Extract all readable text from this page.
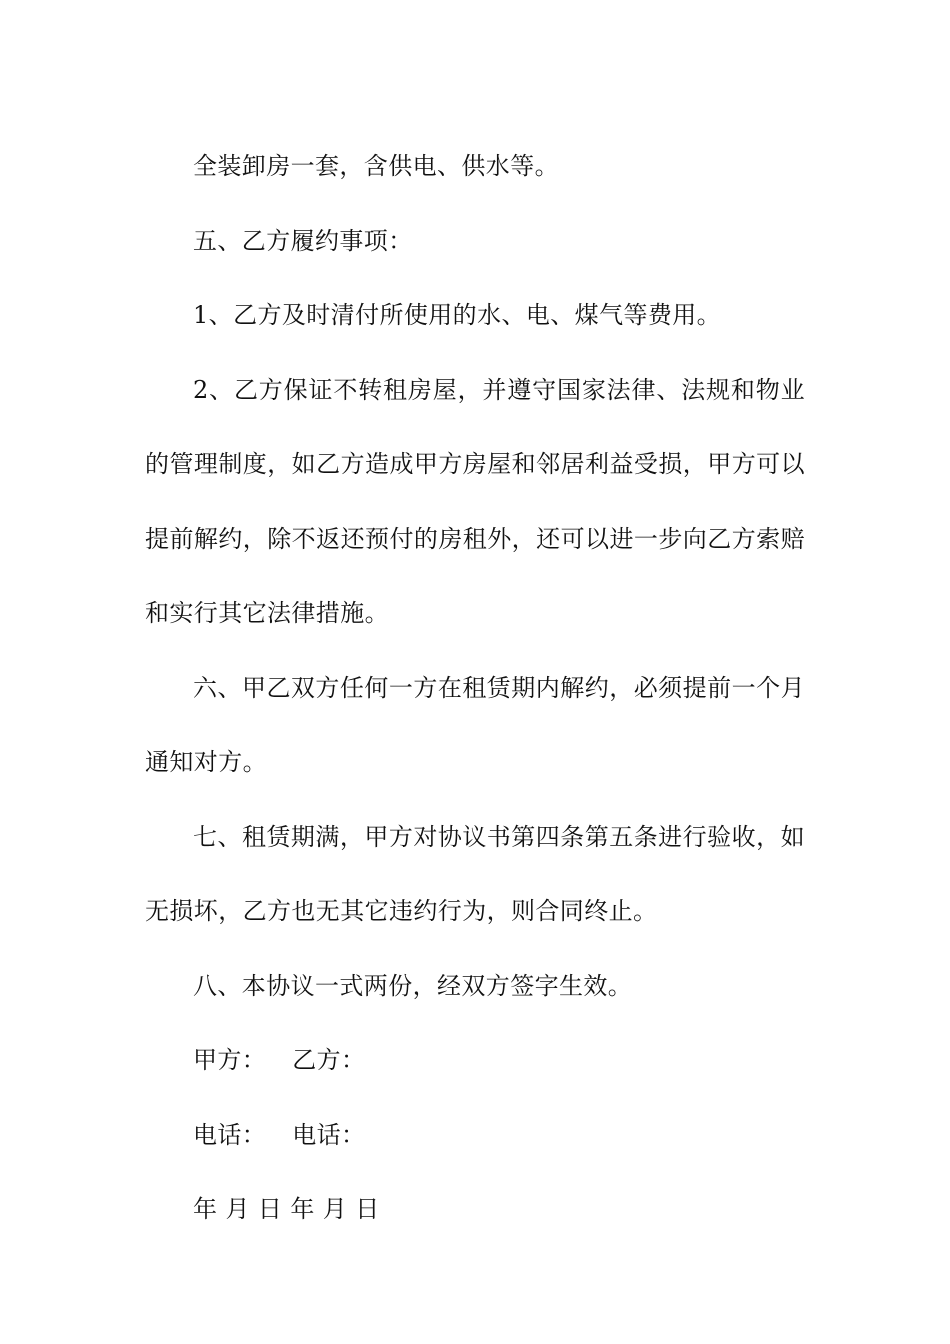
全装卸房一套，含供电、供水等。

五、乙方履约事项：

1、乙方及时清付所使用的水、电、煤气等费用。

2、乙方保证不转租房屋，并遵守国家法律、法规和物业的管理制度，如乙方造成甲方房屋和邻居利益受损，甲方可以提前解约，除不返还预付的房租外，还可以进一步向乙方索赔和实行其它法律措施。

六、甲乙双方任何一方在租赁期内解约，必须提前一个月通知对方。

七、租赁期满，甲方对协议书第四条第五条进行验收，如无损坏，乙方也无其它违约行为，则合同终止。

八、本协议一式两份，经双方签字生效。

甲方： 乙方：

电话： 电话：

年 月 日 年 月 日
